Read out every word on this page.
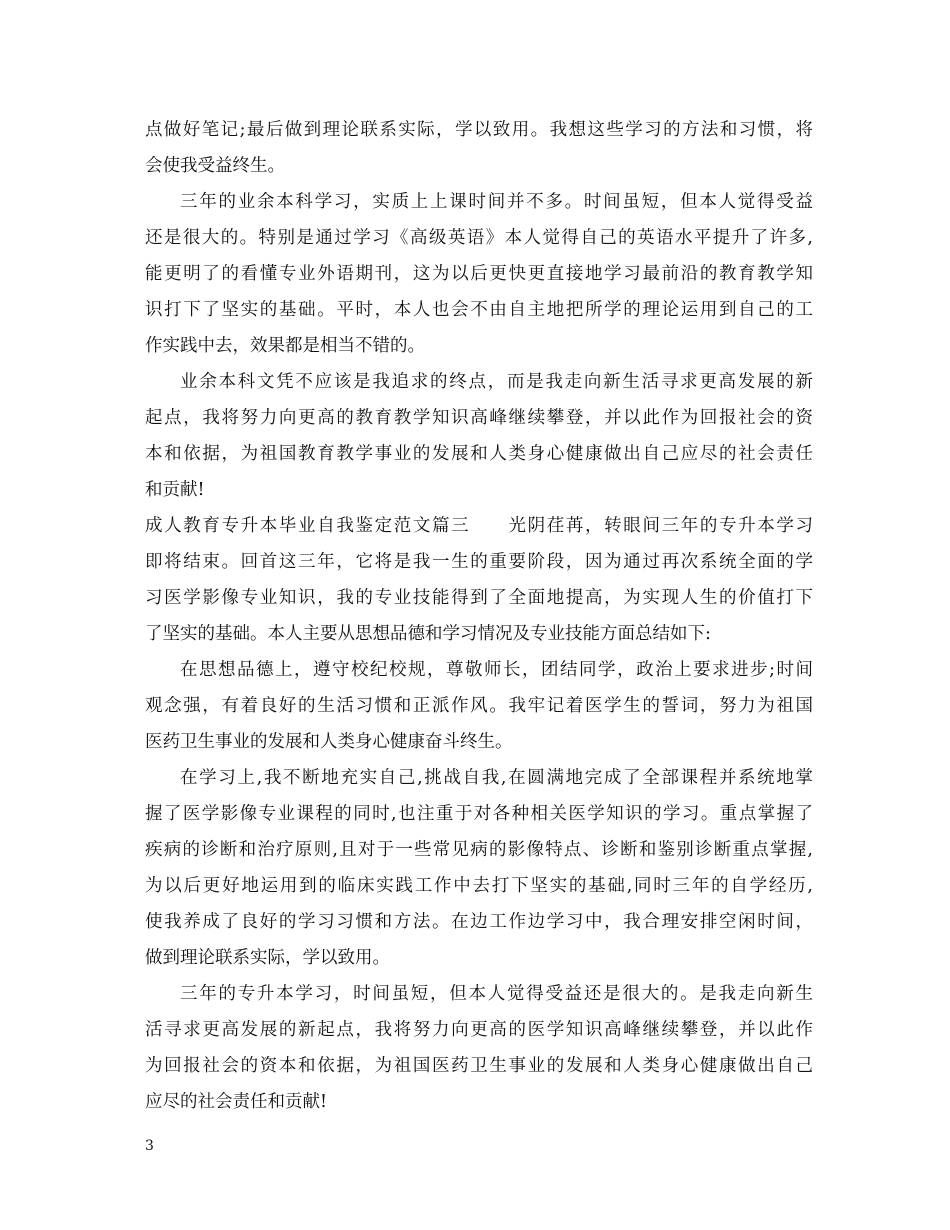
点做好笔记;最后做到理论联系实际，学以致用。我想这些学习的方法和习惯，将
会使我受益终生。
三年的业余本科学习，实质上上课时间并不多。时间虽短，但本人觉得受益
还是很大的。特别是通过学习《高级英语》本人觉得自己的英语水平提升了许多,
能更明了的看懂专业外语期刊，这为以后更快更直接地学习最前沿的教育教学知
识打下了坚实的基础。平时，本人也会不由自主地把所学的理论运用到自己的工
作实践中去，效果都是相当不错的。
业余本科文凭不应该是我追求的终点，而是我走向新生活寻求更高发展的新
起点，我将努力向更高的教育教学知识高峰继续攀登，并以此作为回报社会的资
本和依据，为祖国教育教学事业的发展和人类身心健康做出自己应尽的社会责任
和贡献!
成人教育专升本毕业自我鉴定范文篇三　　光阴荏苒，转眼间三年的专升本学习
即将结束。回首这三年，它将是我一生的重要阶段，因为通过再次系统全面的学
习医学影像专业知识，我的专业技能得到了全面地提高，为实现人生的价值打下
了坚实的基础。本人主要从思想品德和学习情况及专业技能方面总结如下:
在思想品德上，遵守校纪校规，尊敬师长，团结同学，政治上要求进步;时间
观念强，有着良好的生活习惯和正派作风。我牢记着医学生的誓词，努力为祖国
医药卫生事业的发展和人类身心健康奋斗终生。
在学习上,我不断地充实自己,挑战自我,在圆满地完成了全部课程并系统地掌
握了医学影像专业课程的同时,也注重于对各种相关医学知识的学习。重点掌握了
疾病的诊断和治疗原则,且对于一些常见病的影像特点、诊断和鉴别诊断重点掌握,
为以后更好地运用到的临床实践工作中去打下坚实的基础,同时三年的自学经历,
使我养成了良好的学习习惯和方法。在边工作边学习中，我合理安排空闲时间，
做到理论联系实际，学以致用。
三年的专升本学习，时间虽短，但本人觉得受益还是很大的。是我走向新生
活寻求更高发展的新起点，我将努力向更高的医学知识高峰继续攀登，并以此作
为回报社会的资本和依据，为祖国医药卫生事业的发展和人类身心健康做出自己
应尽的社会责任和贡献!
3
